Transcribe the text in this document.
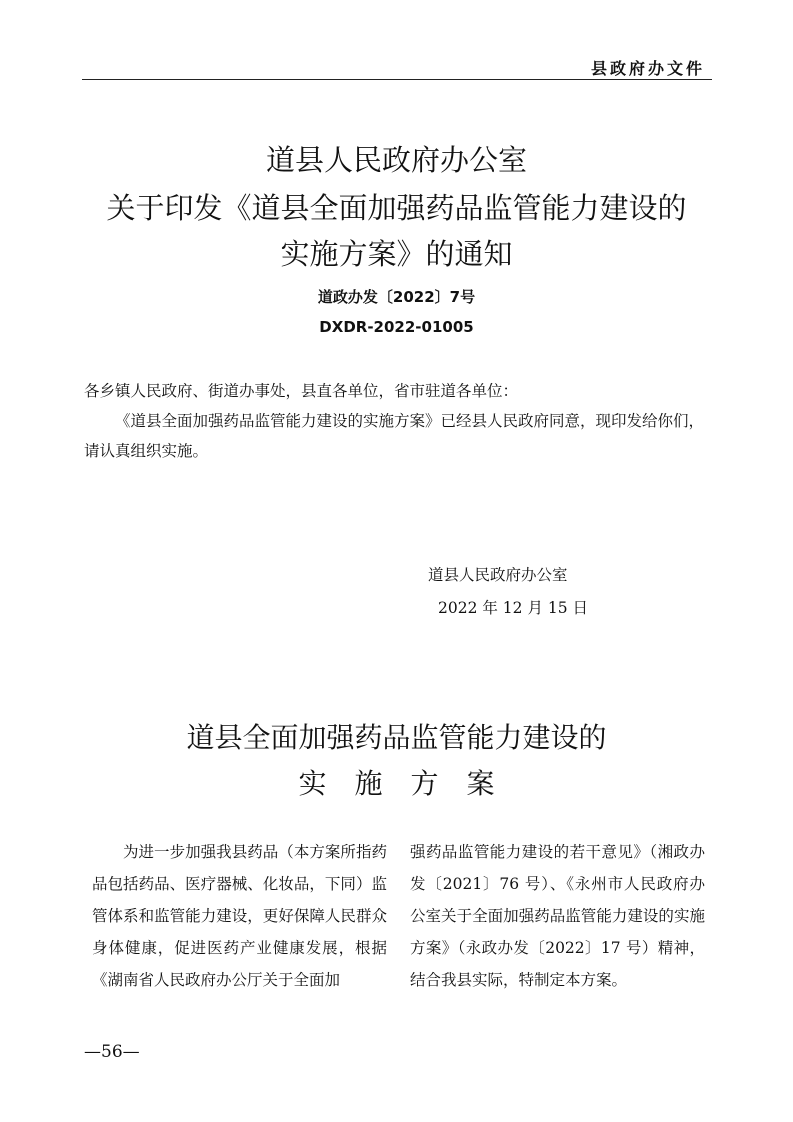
县政府办文件
道县人民政府办公室
关于印发《道县全面加强药品监管能力建设的
实施方案》的通知
道政办发〔2022〕7号
DXDR-2022-01005
各乡镇人民政府、街道办事处，县直各单位，省市驻道各单位：
《道县全面加强药品监管能力建设的实施方案》已经县人民政府同意，现印发给你们，请认真组织实施。
道县人民政府办公室
2022 年 12 月 15 日
道县全面加强药品监管能力建设的
实施方案

为进一步加强我县药品（本方案所指药品包括药品、医疗器械、化妆品，下同）监管体系和监管能力建设，更好保障人民群众身体健康，促进医药产业健康发展，根据《湖南省人民政府办公厅关于全面加

强药品监管能力建设的若干意见》（湘政办发〔2021〕76 号）、《永州市人民政府办公室关于全面加强药品监管能力建设的实施方案》（永政办发〔2022〕17 号）精神，结合我县实际，特制定本方案。

—56—
